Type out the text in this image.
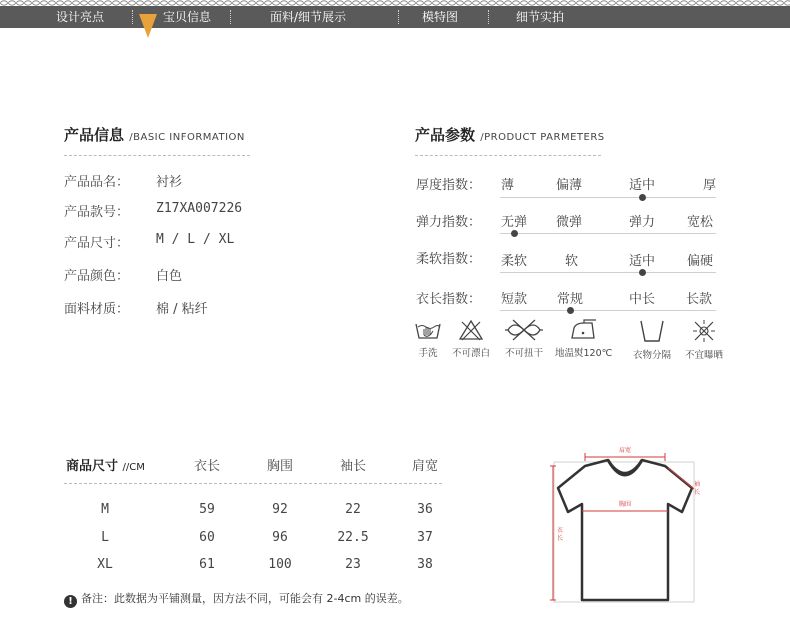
设计亮点	宝贝信息	面料/细节展示	模特图	细节实拍
产品信息 /BASIC INFORMATION
产品品名： 衬衫
产品款号： Z17XA007226
产品尺寸： M / L / XL
产品颜色： 白色
面料材质： 棉 / 粘纤
产品参数 /PRODUCT PARMETERS
厚度指数： 薄	偏薄	适中	厚
弹力指数： 无弹 微弹	弹力 宽松
柔软指数： 柔软	软	适中 偏硬
衣长指数： 短款 常规	中长 长款
手洗	不可漂白	不可扭干	地温熨120℃	衣物分隔	不宜曝晒
商品尺寸 //CM	衣长	胸围	袖长	肩宽
M	59	92	22	36
L	60	96	22.5	37
XL	61	100	23	38
! 备注：此数据为平铺测量，因方法不同，可能会有 2-4cm 的误差。
肩宽
胸围
袖长
衣长
